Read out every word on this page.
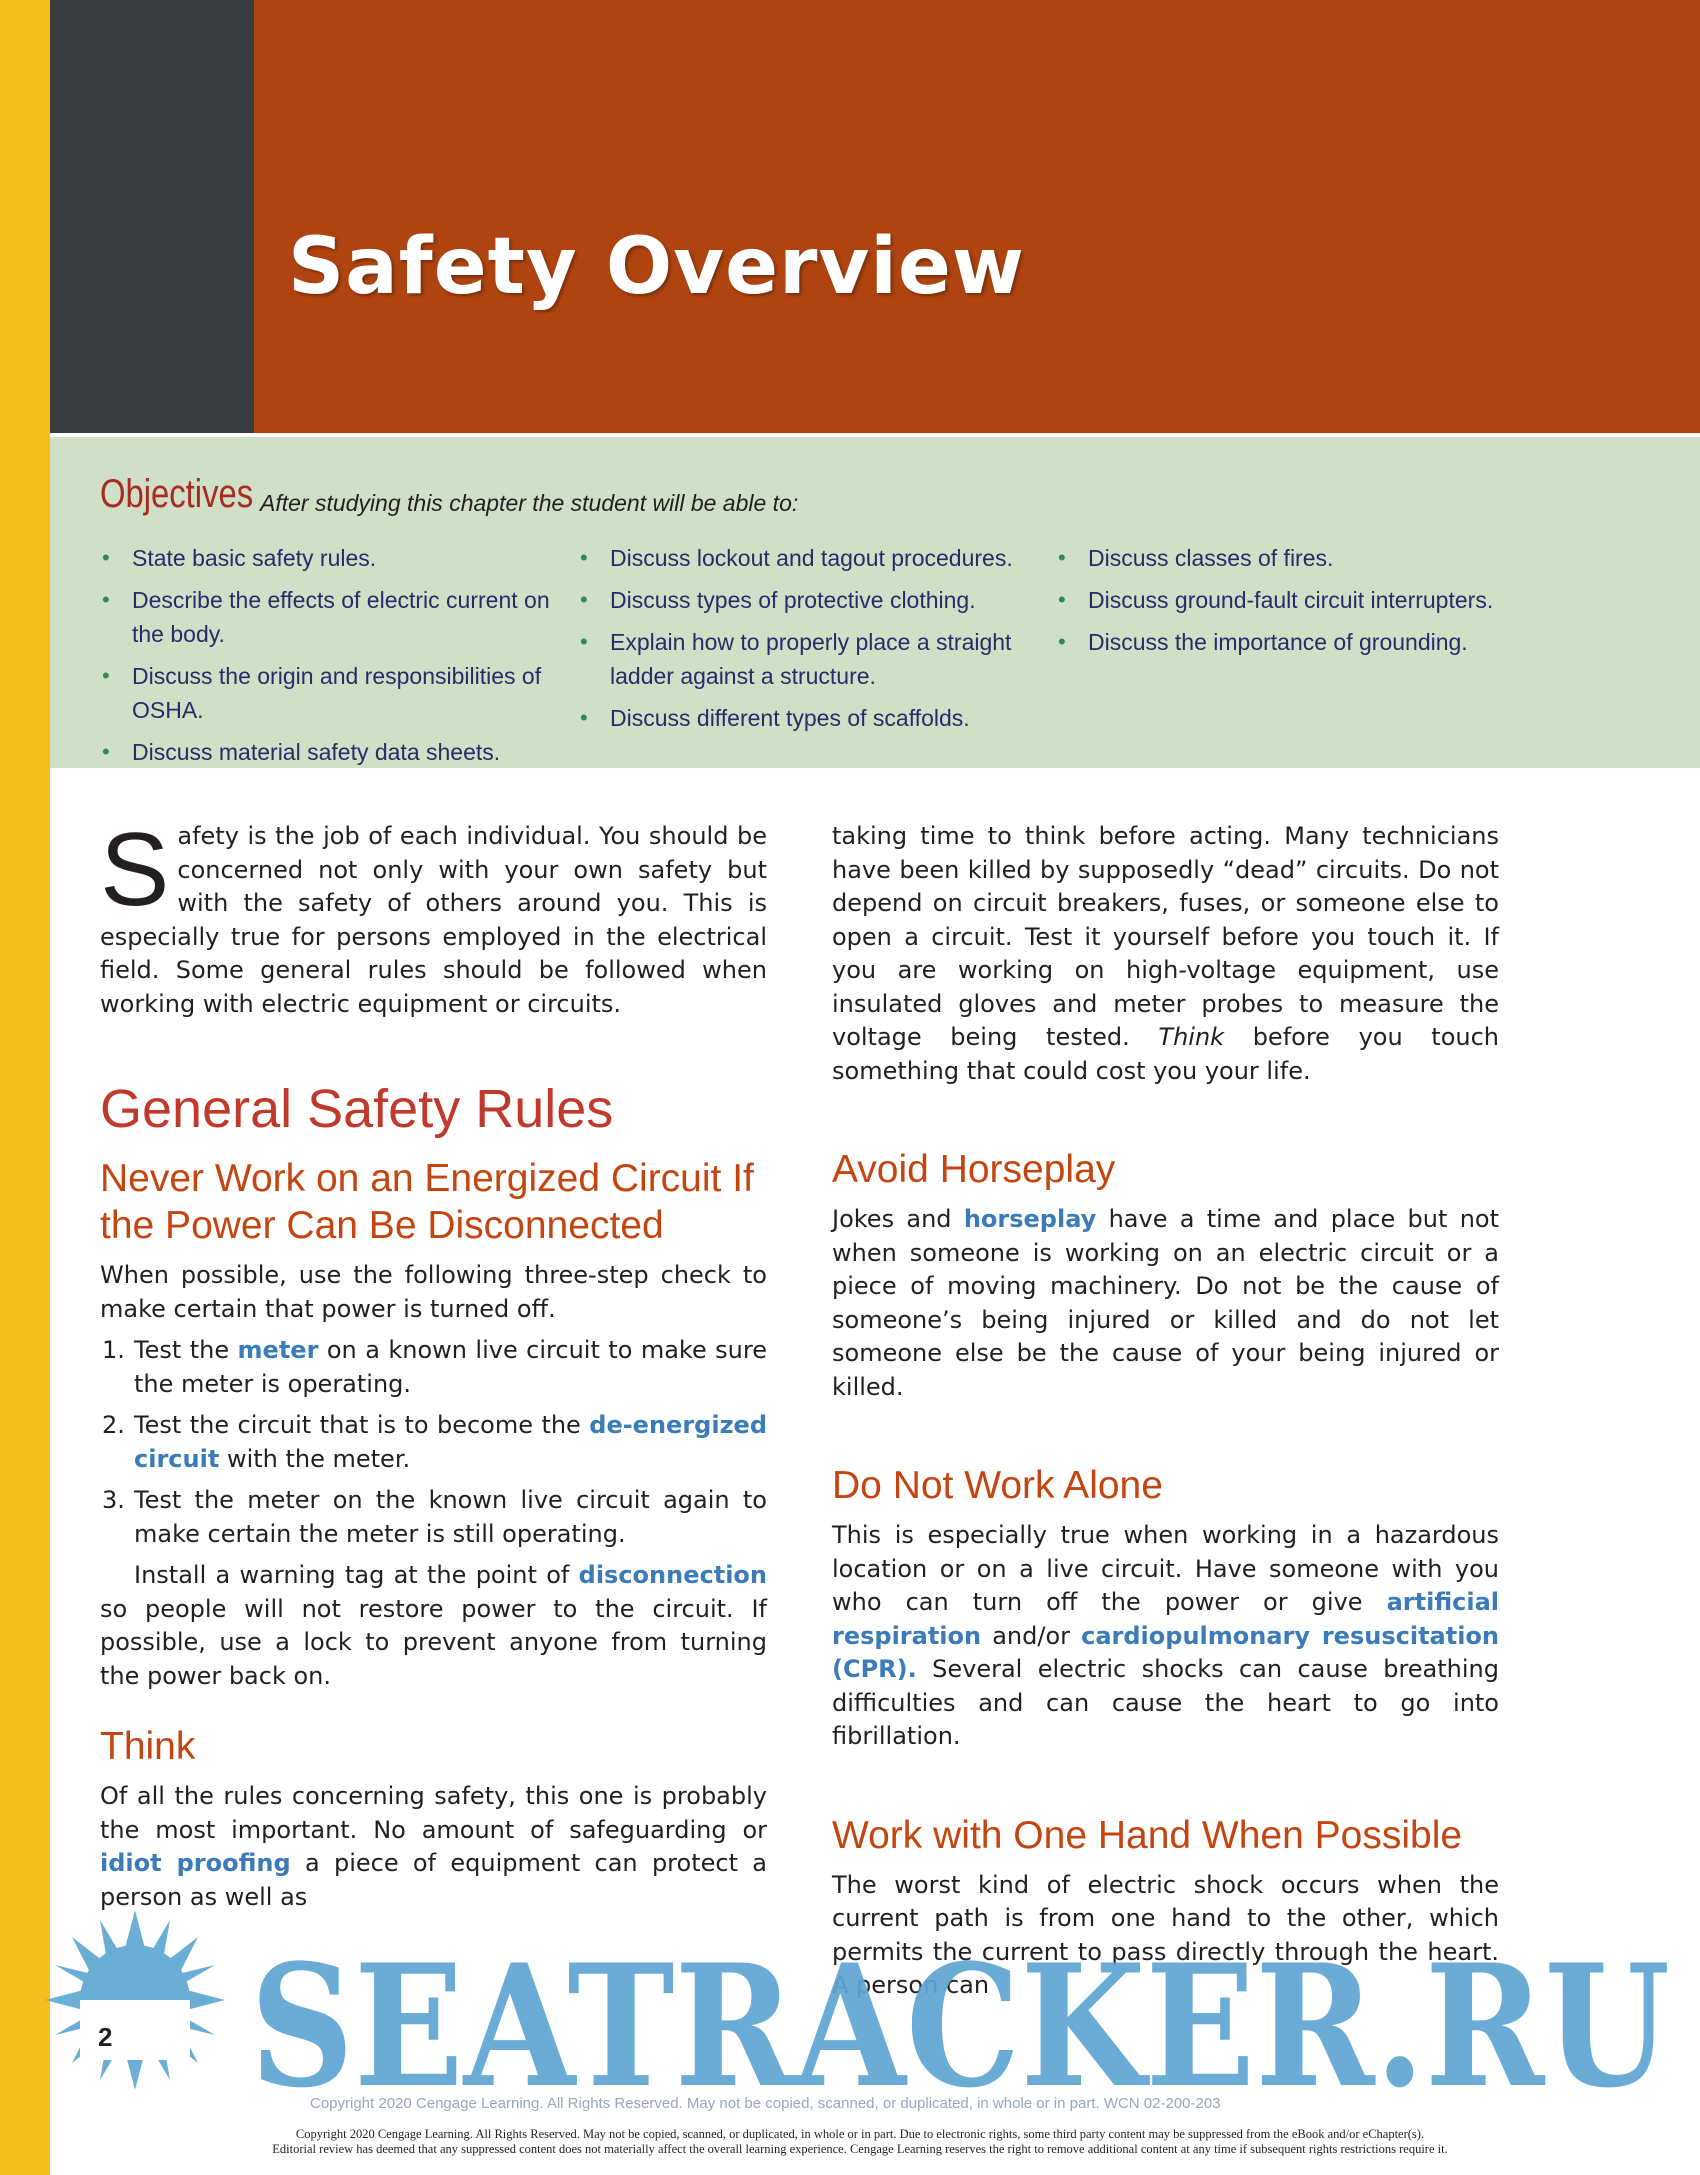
Safety Overview
Objectives After studying this chapter the student will be able to:
• State basic safety rules.
• Describe the effects of electric current on the body.
• Discuss the origin and responsibilities of OSHA.
• Discuss material safety data sheets.
• Discuss lockout and tagout procedures.
• Discuss types of protective clothing.
• Explain how to properly place a straight ladder against a structure.
• Discuss different types of scaffolds.
• Discuss classes of fires.
• Discuss ground-fault circuit interrupters.
• Discuss the importance of grounding.

Safety is the job of each individual. You should be concerned not only with your own safety but with the safety of others around you. This is especially true for persons employed in the electrical field. Some general rules should be followed when working with electric equipment or circuits.

General Safety Rules
Never Work on an Energized Circuit If the Power Can Be Disconnected

When possible, use the following three-step check to make certain that power is turned off.

1. Test the meter on a known live circuit to make sure the meter is operating.
2. Test the circuit that is to become the de-energized circuit with the meter.
3. Test the meter on the known live circuit again to make certain the meter is still operating.

Install a warning tag at the point of disconnection so people will not restore power to the circuit. If possible, use a lock to prevent anyone from turning the power back on.

Think

Of all the rules concerning safety, this one is probably the most important. No amount of safeguarding or idiot proofing a piece of equipment can protect a person as well as

taking time to think before acting. Many technicians have been killed by supposedly “dead” circuits. Do not depend on circuit breakers, fuses, or someone else to open a circuit. Test it yourself before you touch it. If you are working on high-voltage equipment, use insulated gloves and meter probes to measure the voltage being tested. Think before you touch something that could cost you your life.

Avoid Horseplay

Jokes and horseplay have a time and place but not when someone is working on an electric circuit or a piece of moving machinery. Do not be the cause of someone’s being injured or killed and do not let someone else be the cause of your being injured or killed.

Do Not Work Alone

This is especially true when working in a hazardous location or on a live circuit. Have someone with you who can turn off the power or give artificial respiration and/or cardiopulmonary resuscitation (CPR). Several electric shocks can cause breathing difficulties and can cause the heart to go into fibrillation.

Work with One Hand When Possible

The worst kind of electric shock occurs when the current path is from one hand to the other, which permits the current to pass directly through the heart. A person can

SEATRACKER.RU
2
Copyright 2020 Cengage Learning. All Rights Reserved. May not be copied, scanned, or duplicated, in whole or in part. WCN 02-200-203
Copyright 2020 Cengage Learning. All Rights Reserved. May not be copied, scanned, or duplicated, in whole or in part. Due to electronic rights, some third party content may be suppressed from the eBook and/or eChapter(s).
Editorial review has deemed that any suppressed content does not materially affect the overall learning experience. Cengage Learning reserves the right to remove additional content at any time if subsequent rights restrictions require it.
